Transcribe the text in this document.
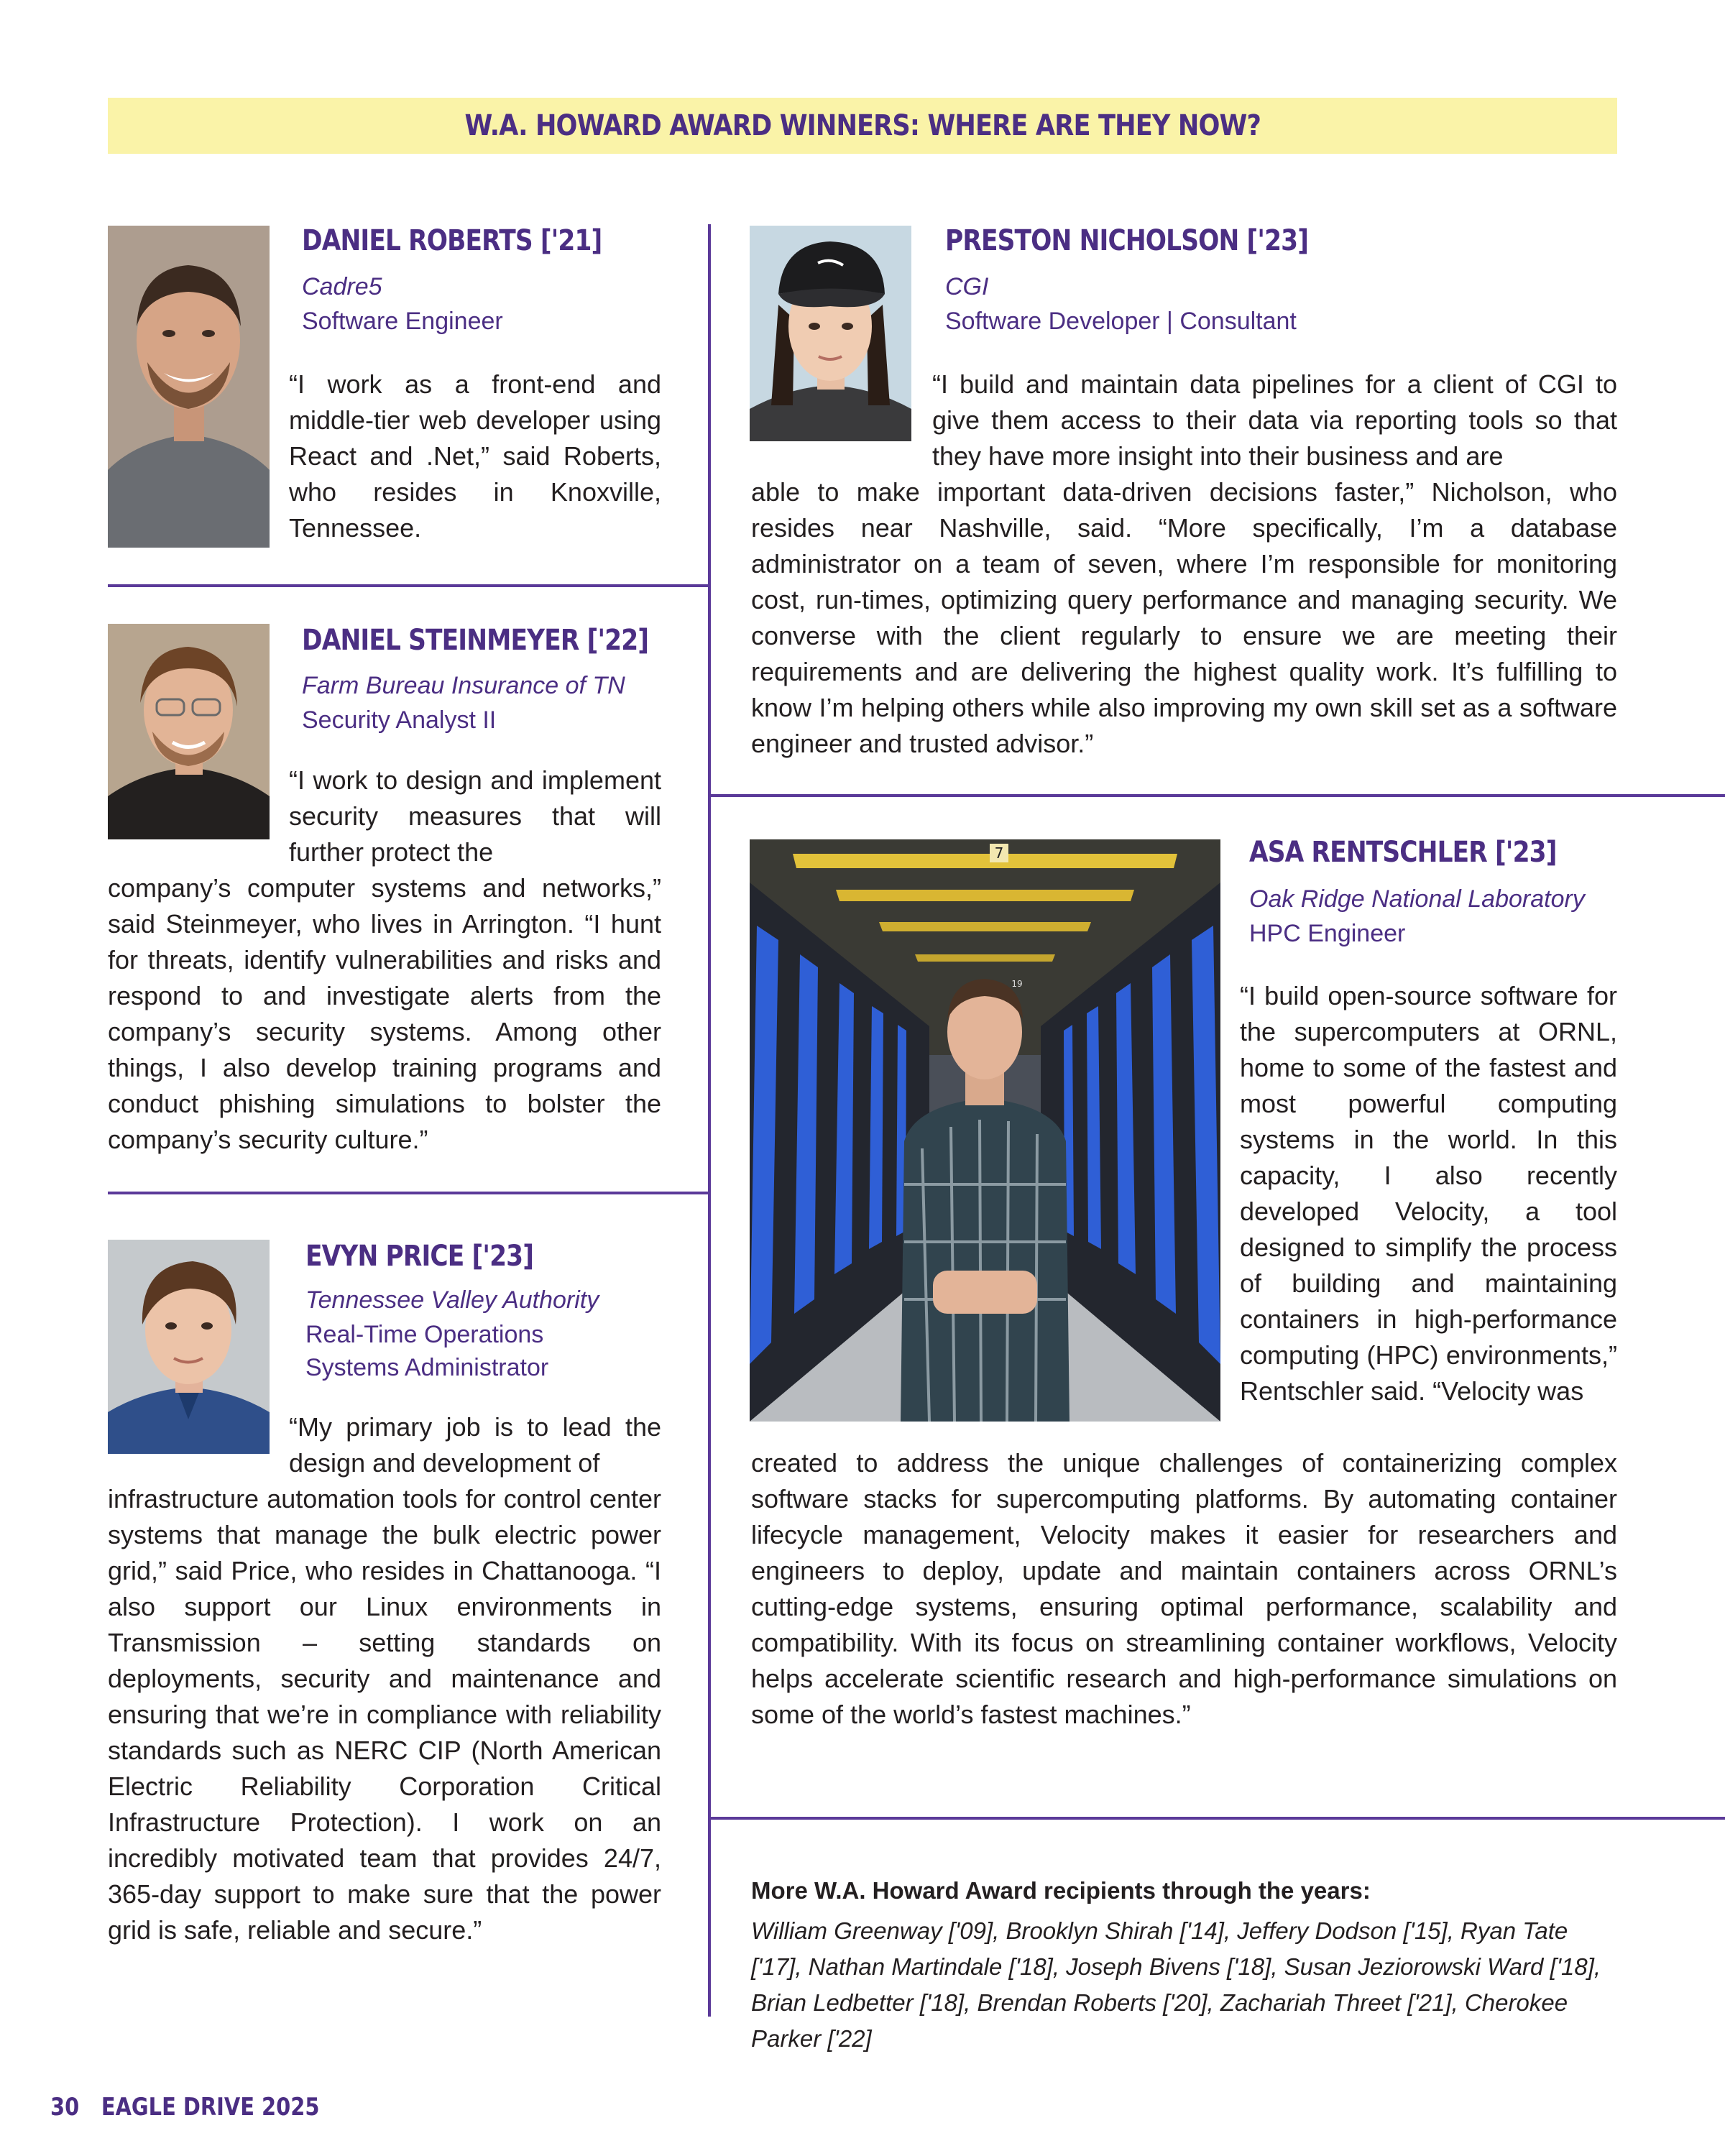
W.A. HOWARD AWARD WINNERS: WHERE ARE THEY NOW?
DANIEL ROBERTS ['21]
Cadre5
Software Engineer
“I work as a front-end and middle-tier web developer using React and .Net,” said Roberts, who resides in Knoxville, Tennessee.
DANIEL STEINMEYER ['22]
Farm Bureau Insurance of TN
Security Analyst II
“I work to design and implement security measures that will further protect the
company’s computer systems and networks,” said Steinmeyer, who lives in Arrington. “I hunt for threats, identify vulnerabilities and risks and respond to and investigate alerts from the company’s security systems. Among other things, I also develop training programs and conduct phishing simulations to bolster the company’s security culture.”
EVYN PRICE ['23]
Tennessee Valley Authority
Real-Time Operations Systems Administrator
“My primary job is to lead the design and development of
infrastructure automation tools for control center systems that manage the bulk electric power grid,” said Price, who resides in Chattanooga. “I also support our Linux environments in Transmission – setting standards on deployments, security and maintenance and ensuring that we’re in compliance with reliability standards such as NERC CIP (North American Electric Reliability Corporation Critical Infrastructure Protection). I work on an incredibly motivated team that provides 24/7, 365-day support to make sure that the power grid is safe, reliable and secure.”
PRESTON NICHOLSON ['23]
CGI
Software Developer | Consultant
“I build and maintain data pipelines for a client of CGI to give them access to their data via reporting tools so that they have more insight into their business and are
able to make important data-driven decisions faster,” Nicholson, who resides near Nashville, said. “More specifically, I’m a database administrator on a team of seven, where I’m responsible for monitoring cost, run-times, optimizing query performance and managing security. We converse with the client regularly to ensure we are meeting their requirements and are delivering the highest quality work. It’s fulfilling to know I’m helping others while also improving my own skill set as a software engineer and trusted advisor.”
7
19
ASA RENTSCHLER ['23]
Oak Ridge National Laboratory
HPC Engineer
“I build open-source software for the supercomputers at ORNL, home to some of the fastest and most powerful computing systems in the world. In this capacity, I also recently developed Velocity, a tool designed to simplify the process of building and maintaining containers in high-performance computing (HPC) environments,” Rentschler said. “Velocity was
created to address the unique challenges of containerizing complex software stacks for supercomputing platforms. By automating container lifecycle management, Velocity makes it easier for researchers and engineers to deploy, update and maintain containers across ORNL’s cutting-edge systems, ensuring optimal performance, scalability and compatibility. With its focus on streamlining container workflows, Velocity helps accelerate scientific research and high-performance simulations on some of the world’s fastest machines.”
More W.A. Howard Award recipients through the years:
William Greenway ['09], Brooklyn Shirah ['14], Jeffery Dodson ['15], Ryan Tate ['17], Nathan Martindale ['18], Joseph Bivens ['18], Susan Jeziorowski Ward ['18], Brian Ledbetter ['18], Brendan Roberts ['20], Zachariah Threet ['21], Cherokee Parker ['22]
30 EAGLE DRIVE 2025
